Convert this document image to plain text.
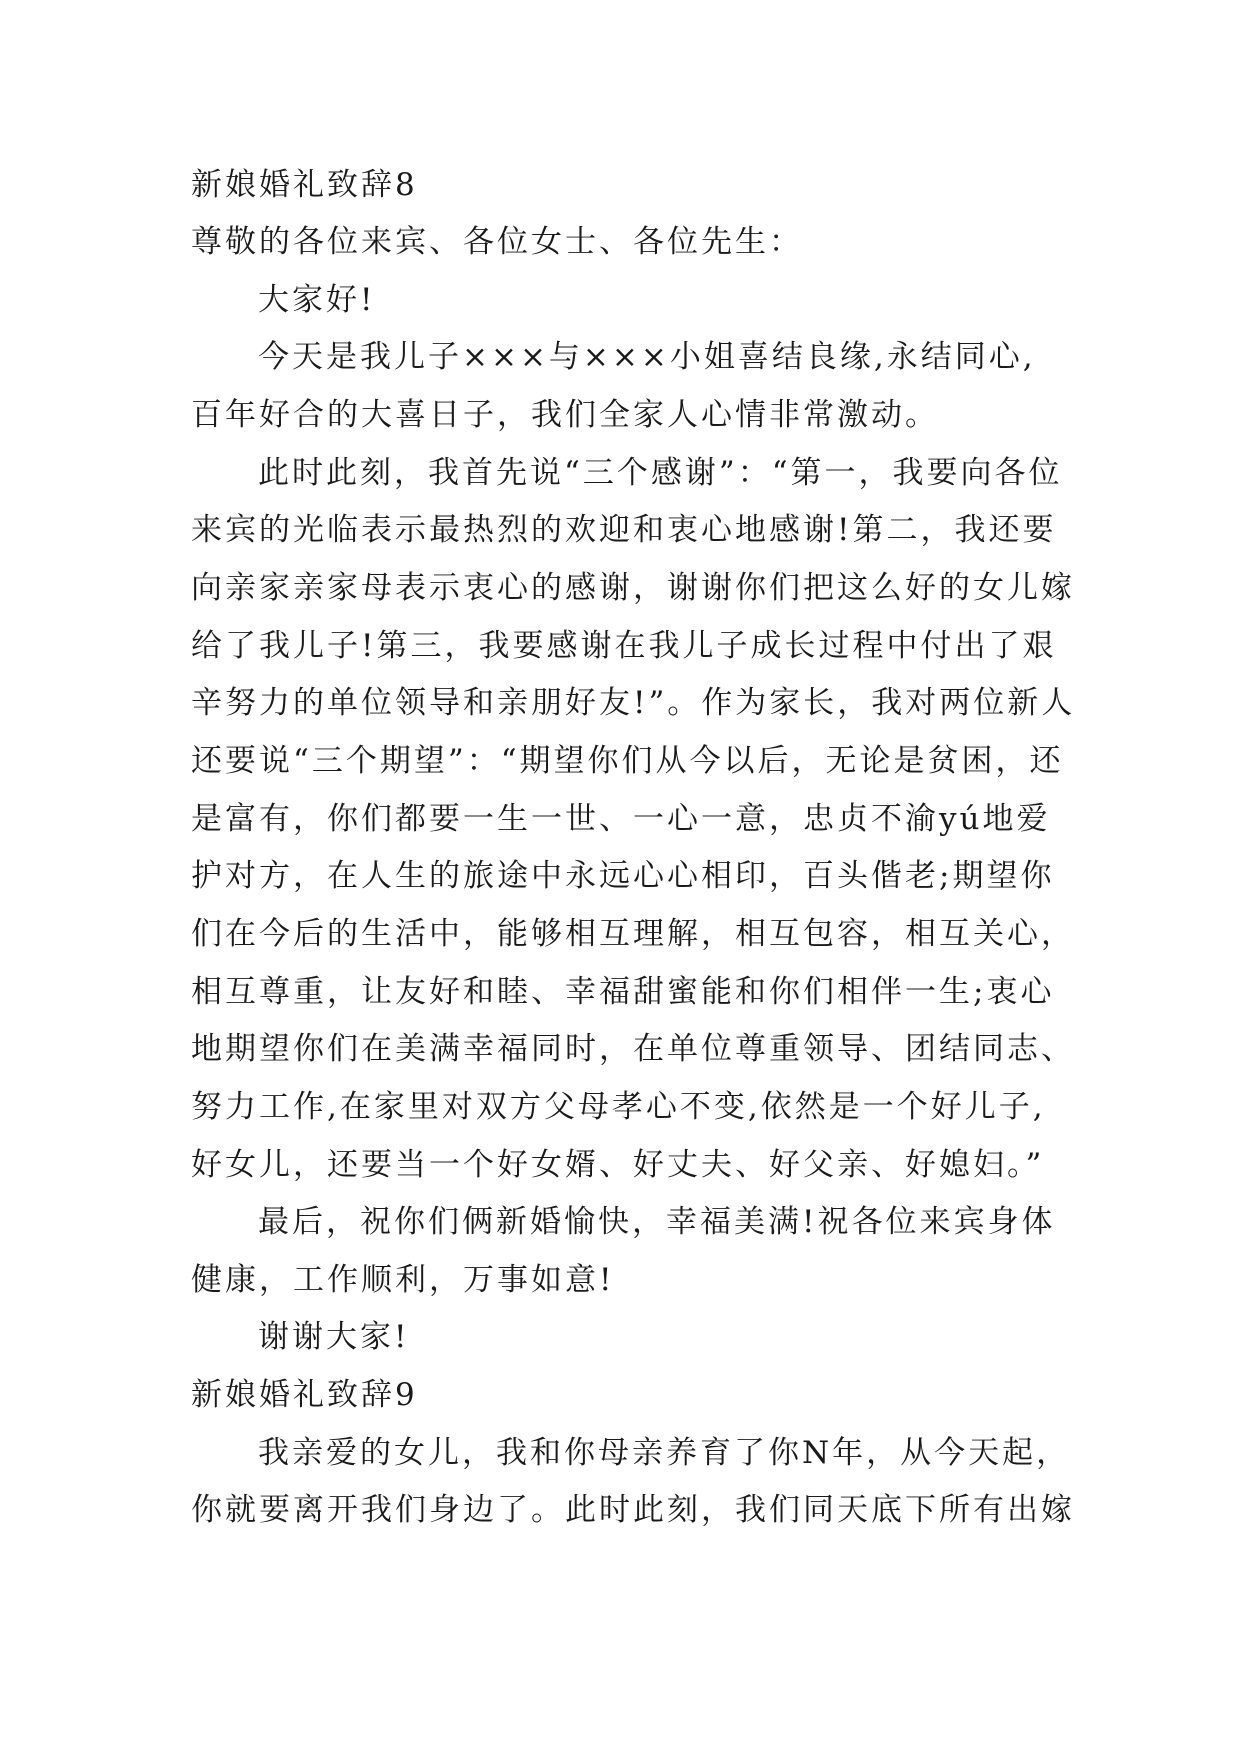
新娘婚礼致辞8
尊敬的各位来宾、各位女士、各位先生：
大家好!
今天是我儿子×××与×××小姐喜结良缘,永结同心,
百年好合的大喜日子，我们全家人心情非常激动。
此时此刻，我首先说“三个感谢”：“第一，我要向各位
来宾的光临表示最热烈的欢迎和衷心地感谢!第二，我还要
向亲家亲家母表示衷心的感谢，谢谢你们把这么好的女儿嫁
给了我儿子!第三，我要感谢在我儿子成长过程中付出了艰
辛努力的单位领导和亲朋好友!”。作为家长，我对两位新人
还要说“三个期望”：“期望你们从今以后，无论是贫困，还
是富有，你们都要一生一世、一心一意，忠贞不渝yú地爱
护对方，在人生的旅途中永远心心相印，百头偕老;期望你
们在今后的生活中，能够相互理解，相互包容，相互关心，
相互尊重，让友好和睦、幸福甜蜜能和你们相伴一生;衷心
地期望你们在美满幸福同时，在单位尊重领导、团结同志、
努力工作,在家里对双方父母孝心不变,依然是一个好儿子,
好女儿，还要当一个好女婿、好丈夫、好父亲、好媳妇。”
最后，祝你们俩新婚愉快，幸福美满!祝各位来宾身体
健康，工作顺利，万事如意!
谢谢大家!
新娘婚礼致辞9
我亲爱的女儿，我和你母亲养育了你N年，从今天起，
你就要离开我们身边了。此时此刻，我们同天底下所有出嫁
